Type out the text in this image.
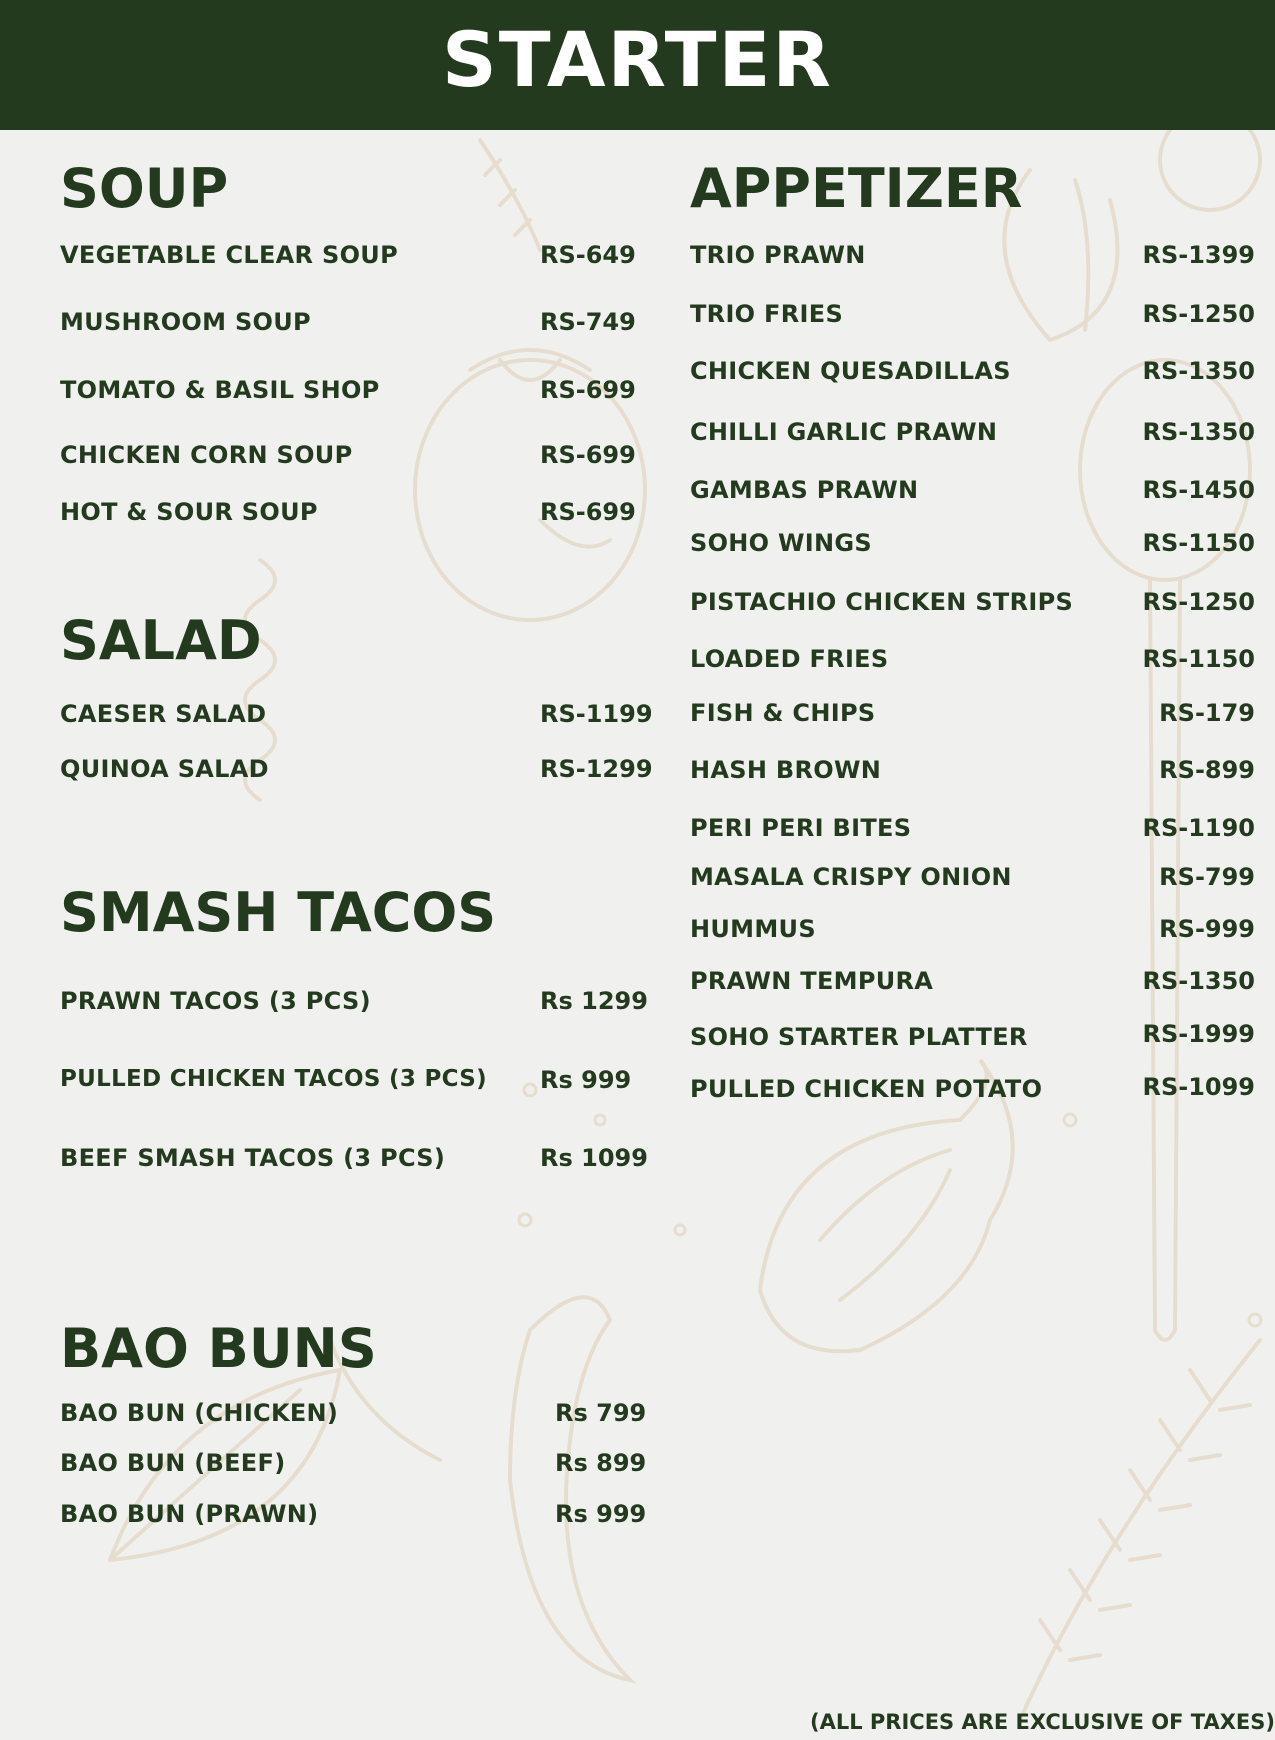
STARTER
SOUP
VEGETABLE CLEAR SOUP	RS-649
MUSHROOM SOUP	RS-749
TOMATO & BASIL SHOP	RS-699
CHICKEN CORN SOUP	RS-699
HOT & SOUR SOUP	RS-699
SALAD
CAESER SALAD	RS-1199
QUINOA SALAD	RS-1299
SMASH TACOS
PRAWN TACOS (3 PCS)	Rs 1299
PULLED CHICKEN TACOS (3 PCS) Rs 999
BEEF SMASH TACOS (3 PCS)	Rs 1099
BAO BUNS
BAO BUN (CHICKEN)	Rs 799
BAO BUN (BEEF)	Rs 899
BAO BUN (PRAWN)	Rs 999
APPETIZER
TRIO PRAWN	RS-1399
TRIO FRIES	RS-1250
CHICKEN QUESADILLAS	RS-1350
CHILLI GARLIC PRAWN	RS-1350
GAMBAS PRAWN	RS-1450
SOHO WINGS	RS-1150
PISTACHIO CHICKEN STRIPS	RS-1250
LOADED FRIES	RS-1150
FISH & CHIPS	RS-179
HASH BROWN	RS-899
PERI PERI BITES	RS-1190
MASALA CRISPY ONION	RS-799
HUMMUS	RS-999
PRAWN TEMPURA	RS-1350
SOHO STARTER PLATTER	RS-1999
PULLED CHICKEN POTATO	RS-1099
(ALL PRICES ARE EXCLUSIVE OF TAXES)
